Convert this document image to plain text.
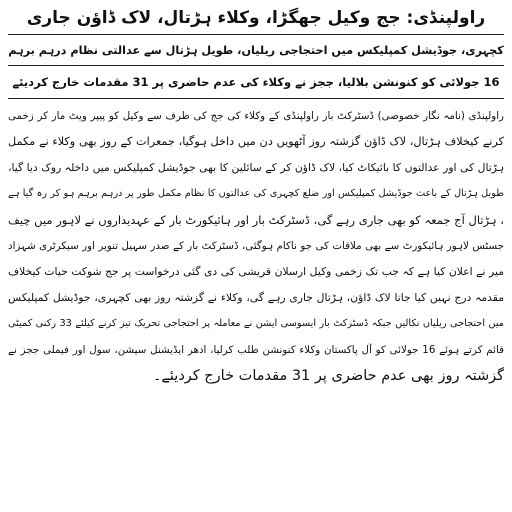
راولپنڈی: جج وکیل جھگڑا، وکلاء ہڑتال، لاک ڈاؤن جاری
کچہری، جوڈیشل کمپلیکس میں احتجاجی ریلیاں، طویل ہڑتال سے عدالتی نظام درہم برہم
16 جولائی کو کنونشن بلالیا، ججز نے وکلاء کی عدم حاضری پر 31 مقدمات خارج کردیئے
راولپنڈی (نامہ نگار خصوصی) ڈسٹرکٹ بار راولپنڈی کے وکلاء کی جج کی طرف سے وکیل کو پیپر ویٹ مار کر زخمی
کرنے کیخلاف ہڑتال، لاک ڈاؤن گزشتہ روز آٹھویں دن میں داخل ہوگیا، جمعرات کے روز بھی وکلاء نے مکمل
ہڑتال کی اور عدالتوں کا بائیکاٹ کیا، لاک ڈاؤن کر کے سائلین کا بھی جوڈیشل کمپلیکس میں داخلہ روک دیا گیا،
طویل ہڑتال کے باعث جوڈیشل کمپلیکس اور ضلع کچہری کی عدالتوں کا نظام مکمل طور پر درہم برہم ہو کر رہ گیا ہے
، ہڑتال آج جمعہ کو بھی جاری رہے گی، ڈسٹرکٹ بار اور ہائیکورٹ بار کے عہدیداروں نے لاہور میں چیف
جسٹس لاہور ہائیکورٹ سے بھی ملاقات کی جو ناکام ہوگئی، ڈسٹرکٹ بار کے صدر سہیل تنویر اور سیکرٹری شہزاد
میر نے اعلان کیا ہے کہ جب تک زخمی وکیل ارسلان قریشی کی دی گئی درخواست پر جج شوکت حیات کیخلاف
مقدمہ درج نہیں کیا جاتا لاک ڈاؤن، ہڑتال جاری رہے گی، وکلاء نے گزشتہ روز بھی کچہری، جوڈیشل کمپلیکس
میں احتجاجی ریلیاں نکالیں جبکہ ڈسٹرکٹ بار ایسوسی ایشن نے معاملہ پر احتجاجی تحریک تیز کرنے کیلئے 33 رکنی کمیٹی
قائم کرتے ہوئے 16 جولائی کو آل پاکستان وکلاء کنونشن طلب کرلیا، ادھر ایڈیشنل سیشن، سول اور فیملی ججز نے
گزشتہ روز بھی عدم حاضری پر 31 مقدمات خارج کردیئے۔
